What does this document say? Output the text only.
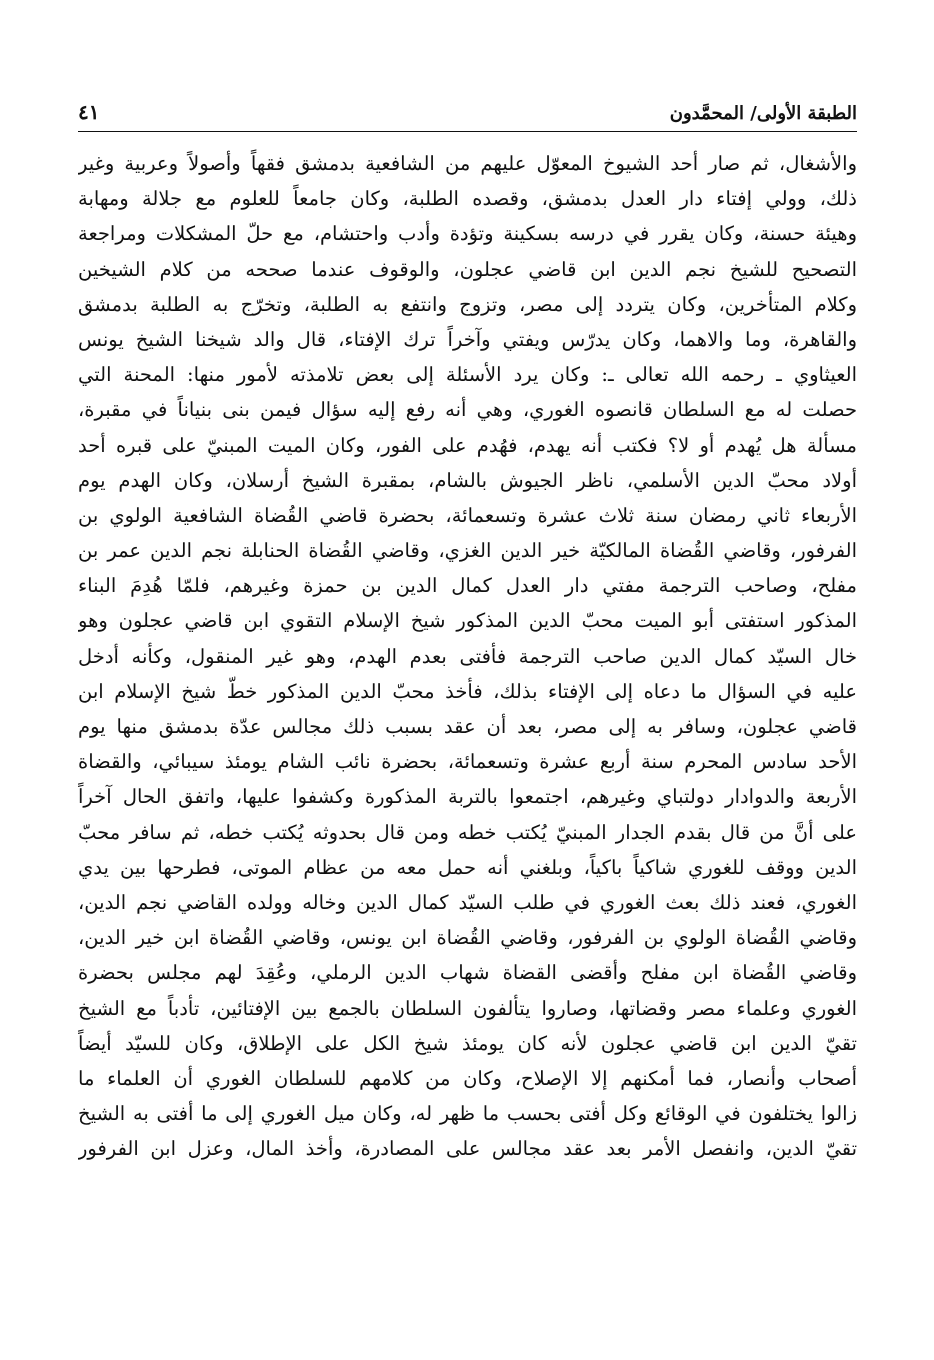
الطبقة الأولى/ المحمَّدون
٤١
والأشغال، ثم صار أحد الشيوخ المعوّل عليهم من الشافعية بدمشق فقهاً وأصولاً وعربية وغير
ذلك، وولي إفتاء دار العدل بدمشق، وقصده الطلبة، وكان جامعاً للعلوم مع جلالة ومهابة
وهيئة حسنة، وكان يقرر في درسه بسكينة وتؤدة وأدب واحتشام، مع حلّ المشكلات ومراجعة
التصحيح للشيخ نجم الدين ابن قاضي عجلون، والوقوف عندما صححه من كلام الشيخين
وكلام المتأخرين، وكان يتردد إلى مصر، وتزوج وانتفع به الطلبة، وتخرّج به الطلبة بدمشق
والقاهرة، وما والاهما، وكان يدرّس ويفتي وآخراً ترك الإفتاء، قال والد شيخنا الشيخ يونس
العيثاوي ـ رحمه الله تعالى ـ: وكان يرد الأسئلة إلى بعض تلامذته لأمور منها: المحنة التي
حصلت له مع السلطان قانصوه الغوري، وهي أنه رفع إليه سؤال فيمن بنى بنياناً في مقبرة،
مسألة هل يُهدم أو لا؟ فكتب أنه يهدم، فهُدم على الفور، وكان الميت المبنيّ على قبره أحد
أولاد محبّ الدين الأسلمي، ناظر الجيوش بالشام، بمقبرة الشيخ أرسلان، وكان الهدم يوم
الأربعاء ثاني رمضان سنة ثلاث عشرة وتسعمائة، بحضرة قاضي القُضاة الشافعية الولوي بن
الفرفور، وقاضي القُضاة المالكيّة خير الدين الغزي، وقاضي القُضاة الحنابلة نجم الدين عمر بن
مفلح، وصاحب الترجمة مفتي دار العدل كمال الدين بن حمزة وغيرهم، فلمّا هُدِمَ البناء
المذكور استفتى أبو الميت محبّ الدين المذكور شيخ الإسلام التقوي ابن قاضي عجلون وهو
خال السيّد كمال الدين صاحب الترجمة فأفتى بعدم الهدم، وهو غير المنقول، وكأنه أدخل
عليه في السؤال ما دعاه إلى الإفتاء بذلك، فأخذ محبّ الدين المذكور خطّ شيخ الإسلام ابن
قاضي عجلون، وسافر به إلى مصر، بعد أن عقد بسبب ذلك مجالس عدّة بدمشق منها يوم
الأحد سادس المحرم سنة أربع عشرة وتسعمائة، بحضرة نائب الشام يومئذ سيبائي، والقضاة
الأربعة والدوادار دولتباي وغيرهم، اجتمعوا بالتربة المذكورة وكشفوا عليها، واتفق الحال آخراً
على أنَّ من قال بقدم الجدار المبنيّ يُكتب خطه ومن قال بحدوثه يُكتب خطه، ثم سافر محبّ
الدين ووقف للغوري شاكياً باكياً، وبلغني أنه حمل معه من عظام الموتى، فطرحها بين يدي
الغوري، فعند ذلك بعث الغوري في طلب السيّد كمال الدين وخاله وولده القاضي نجم الدين،
وقاضي القُضاة الولوي بن الفرفور، وقاضي القُضاة ابن يونس، وقاضي القُضاة ابن خير الدين،
وقاضي القُضاة ابن مفلح وأقضى القضاة شهاب الدين الرملي، وعُقِدَ لهم مجلس بحضرة
الغوري وعلماء مصر وقضاتها، وصاروا يتألفون السلطان بالجمع بين الإفتائين، تأدباً مع الشيخ
تقيّ الدين ابن قاضي عجلون لأنه كان يومئذ شيخ الكل على الإطلاق، وكان للسيّد أيضاً
أصحاب وأنصار، فما أمكنهم إلا الإصلاح، وكان من كلامهم للسلطان الغوري أن العلماء ما
زالوا يختلفون في الوقائع وكل أفتى بحسب ما ظهر له، وكان ميل الغوري إلى ما أفتى به الشيخ
تقيّ الدين، وانفصل الأمر بعد عقد مجالس على المصادرة، وأخذ المال، وعزل ابن الفرفور
